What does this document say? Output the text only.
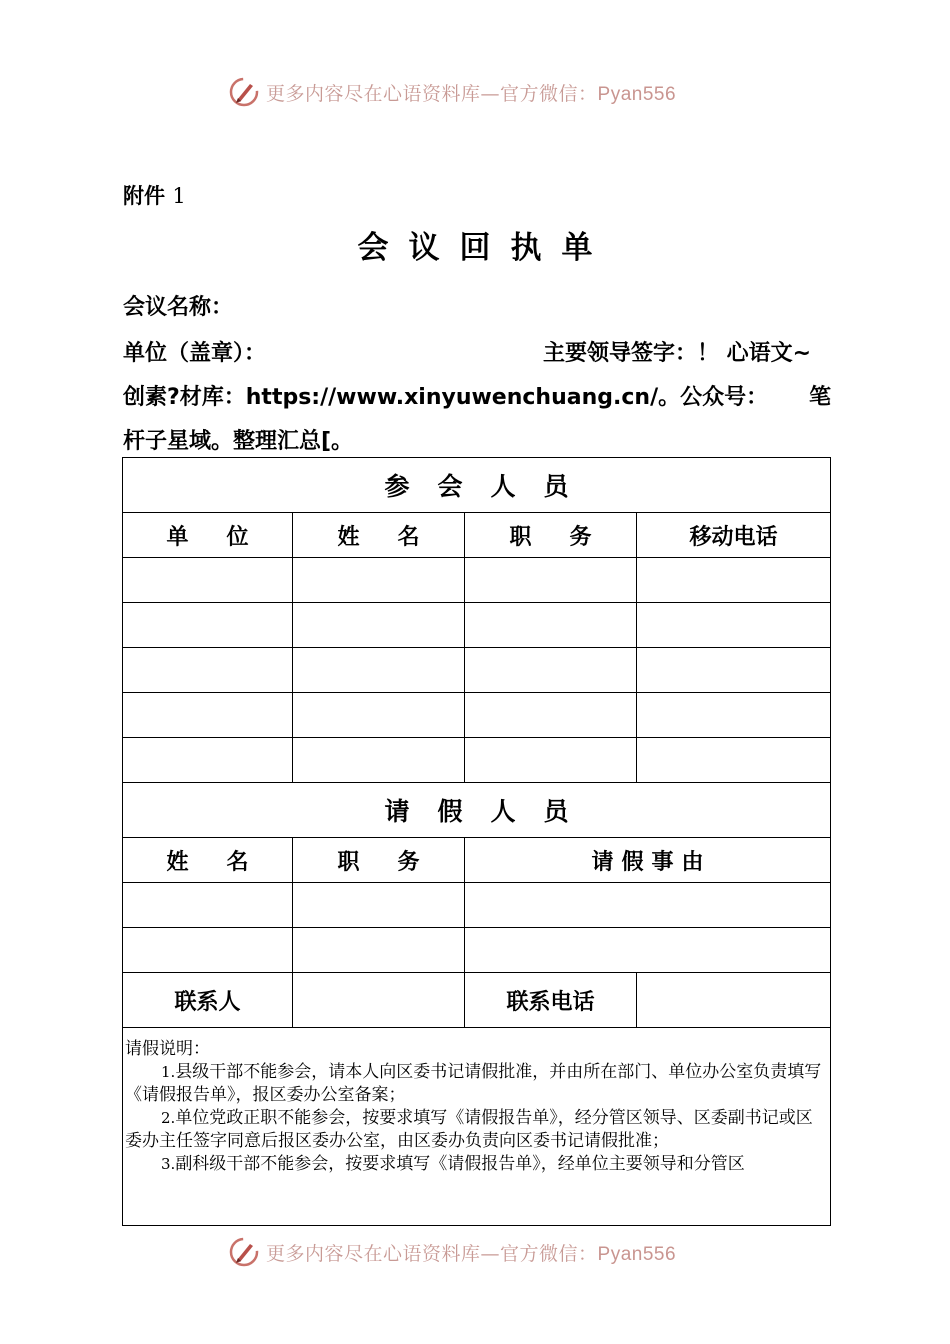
更多内容尽在心语资料库—官方微信：Pyan556
附件 1
会议回执单
会议名称：
单位（盖章）：	主要领导签字：！ 心语文~
创素?材库：https://www.xinyuwenchuang.cn/。公众号： 笔
杆子星域。整理汇总[。
参会人员			
单位	姓名	职务	移动电话

请假人员			
姓名	职务	请假事由	

联系人		联系电话	

请假说明：

1.县级干部不能参会，请本人向区委书记请假批准，并由所在部门、单位办公室负责填写《请假报告单》，报区委办公室备案；

2.单位党政正职不能参会，按要求填写《请假报告单》，经分管区领导、区委副书记或区委办主任签字同意后报区委办公室，由区委办负责向区委书记请假批准；

3.副科级干部不能参会，按要求填写《请假报告单》，经单位主要领导和分管区			

更多内容尽在心语资料库—官方微信：Pyan556
